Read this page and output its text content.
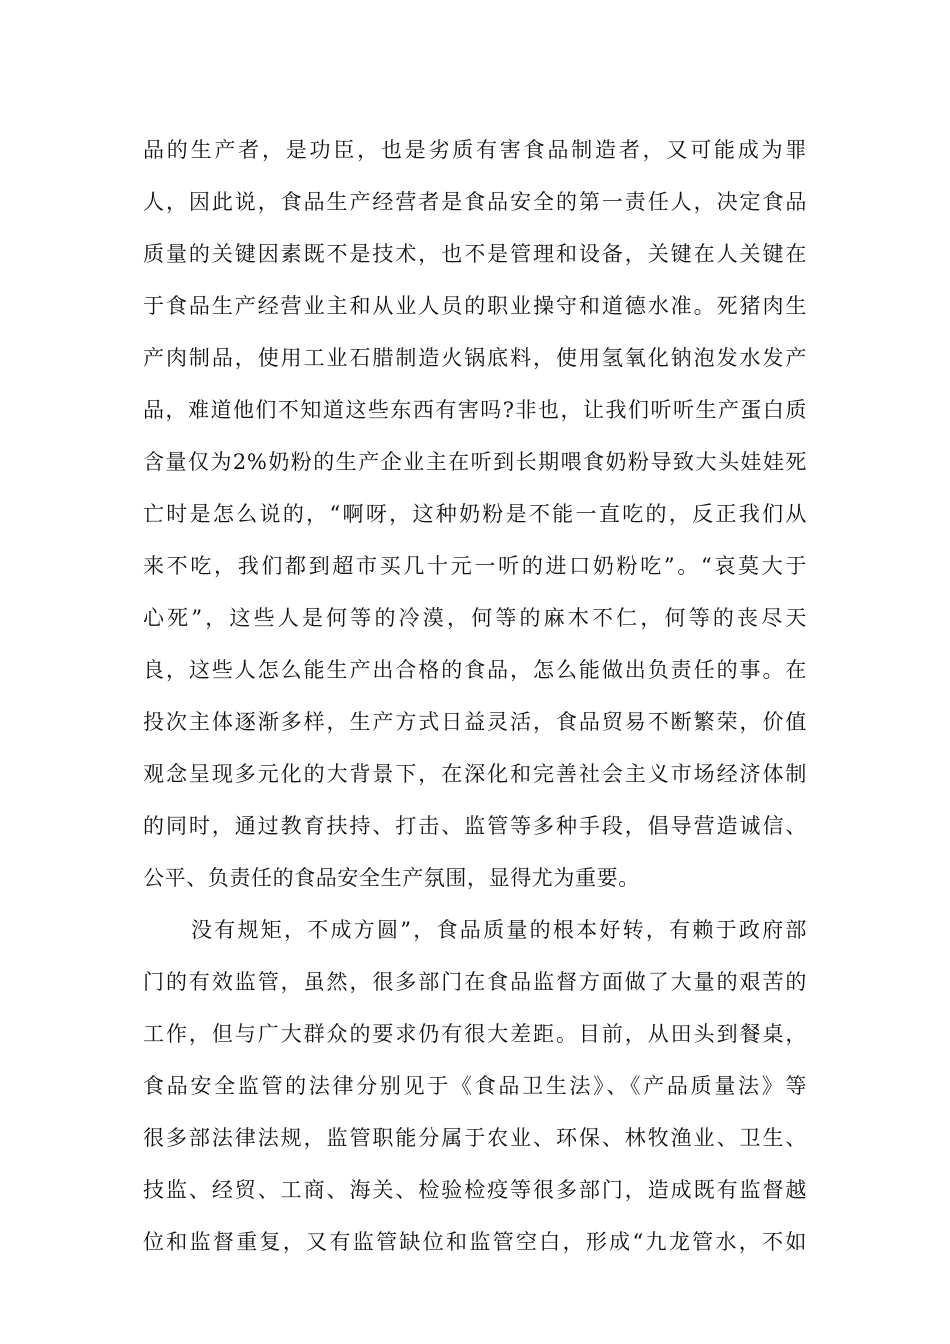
品的生产者，是功臣，也是劣质有害食品制造者，又可能成为罪
人，因此说，食品生产经营者是食品安全的第一责任人，决定食品
质量的关键因素既不是技术，也不是管理和设备，关键在人关键在
于食品生产经营业主和从业人员的职业操守和道德水准。死猪肉生
产肉制品，使用工业石腊制造火锅底料，使用氢氧化钠泡发水发产
品，难道他们不知道这些东西有害吗?非也，让我们听听生产蛋白质
含量仅为2%奶粉的生产企业主在听到长期喂食奶粉导致大头娃娃死
亡时是怎么说的，“啊呀，这种奶粉是不能一直吃的，反正我们从
来不吃，我们都到超市买几十元一听的进口奶粉吃”。“哀莫大于
心死”，这些人是何等的冷漠，何等的麻木不仁，何等的丧尽天
良，这些人怎么能生产出合格的食品，怎么能做出负责任的事。在
投次主体逐渐多样，生产方式日益灵活，食品贸易不断繁荣，价值
观念呈现多元化的大背景下，在深化和完善社会主义市场经济体制
的同时，通过教育扶持、打击、监管等多种手段，倡导营造诚信、
公平、负责任的食品安全生产氛围，显得尤为重要。
没有规矩，不成方圆”，食品质量的根本好转，有赖于政府部
门的有效监管，虽然，很多部门在食品监督方面做了大量的艰苦的
工作，但与广大群众的要求仍有很大差距。目前，从田头到餐桌，
食品安全监管的法律分别见于《食品卫生法》、《产品质量法》等
很多部法律法规，监管职能分属于农业、环保、林牧渔业、卫生、
技监、经贸、工商、海关、检验检疫等很多部门，造成既有监督越
位和监督重复，又有监管缺位和监管空白，形成“九龙管水，不如
